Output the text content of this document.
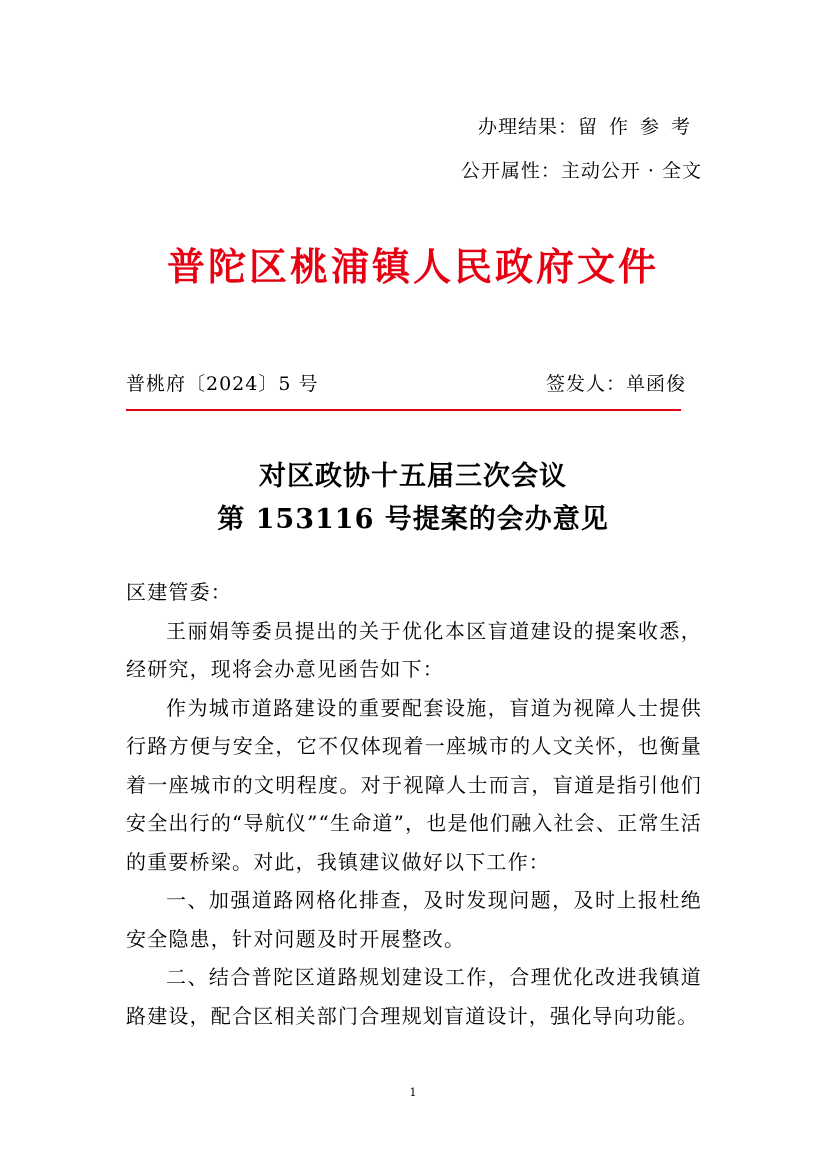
办理结果：留作参考
公开属性：主动公开 · 全文
普陀区桃浦镇人民政府文件
普桃府〔2024〕5 号	签发人：单函俊
对区政协十五届三次会议
第 153116 号提案的会办意见

区建管委：

王丽娟等委员提出的关于优化本区盲道建设的提案收悉，经研究，现将会办意见函告如下：

作为城市道路建设的重要配套设施，盲道为视障人士提供行路方便与安全，它不仅体现着一座城市的人文关怀，也衡量着一座城市的文明程度。对于视障人士而言，盲道是指引他们安全出行的“导航仪”“生命道”，也是他们融入社会、正常生活的重要桥梁。对此，我镇建议做好以下工作：

一、加强道路网格化排查，及时发现问题，及时上报杜绝安全隐患，针对问题及时开展整改。

二、结合普陀区道路规划建设工作，合理优化改进我镇道路建设，配合区相关部门合理规划盲道设计，强化导向功能。

1
